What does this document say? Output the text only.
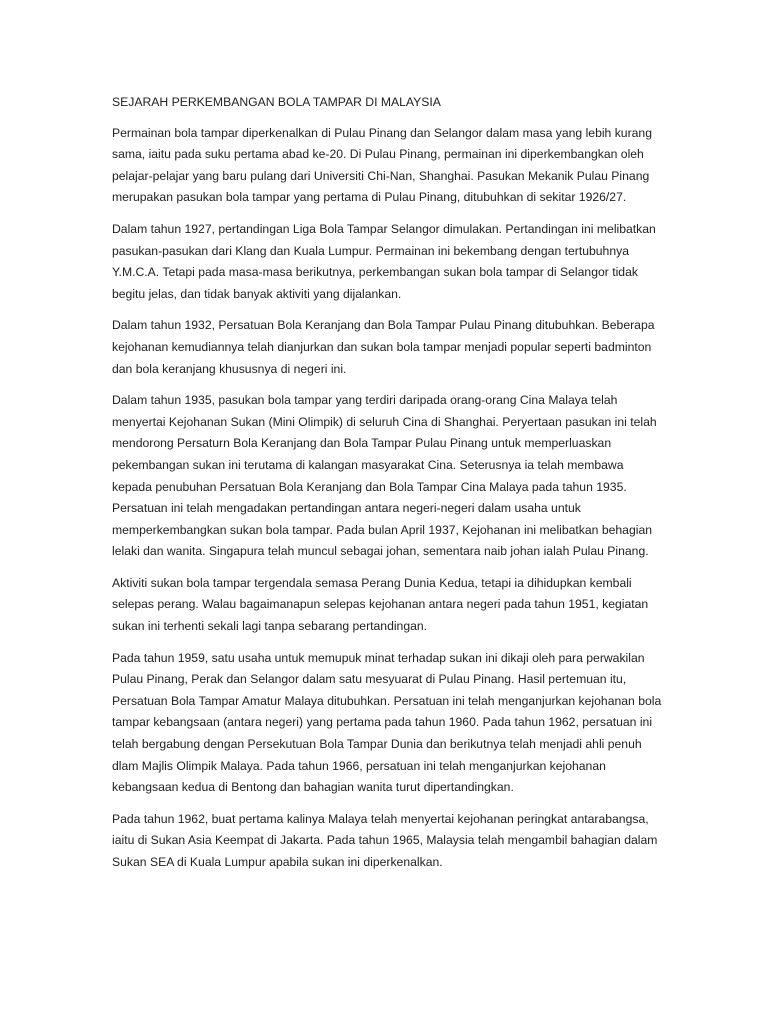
SEJARAH PERKEMBANGAN BOLA TAMPAR DI MALAYSIA

Permainan bola tampar diperkenalkan di Pulau Pinang dan Selangor dalam masa yang lebih kurang sama, iaitu pada suku pertama abad ke-20. Di Pulau Pinang, permainan ini diperkembangkan oleh pelajar-pelajar yang baru pulang dari Universiti Chi-Nan, Shanghai. Pasukan Mekanik Pulau Pinang merupakan pasukan bola tampar yang pertama di Pulau Pinang, ditubuhkan di sekitar 1926/27.

Dalam tahun 1927, pertandingan Liga Bola Tampar Selangor dimulakan. Pertandingan ini melibatkan pasukan-pasukan dari Klang dan Kuala Lumpur. Permainan ini bekembang dengan tertubuhnya Y.M.C.A. Tetapi pada masa-masa berikutnya, perkembangan sukan bola tampar di Selangor tidak begitu jelas, dan tidak banyak aktiviti yang dijalankan.

Dalam tahun 1932, Persatuan Bola Keranjang dan Bola Tampar Pulau Pinang ditubuhkan. Beberapa kejohanan kemudiannya telah dianjurkan dan sukan bola tampar menjadi popular seperti badminton dan bola keranjang khususnya di negeri ini.

Dalam tahun 1935, pasukan bola tampar yang terdiri daripada orang-orang Cina Malaya telah menyertai Kejohanan Sukan (Mini Olimpik) di seluruh Cina di Shanghai. Peryertaan pasukan ini telah mendorong Persaturn Bola Keranjang dan Bola Tampar Pulau Pinang untuk memperluaskan pekembangan sukan ini terutama di kalangan masyarakat Cina. Seterusnya ia telah membawa kepada penubuhan Persatuan Bola Keranjang dan Bola Tampar Cina Malaya pada tahun 1935. Persatuan ini telah mengadakan pertandingan antara negeri-negeri dalam usaha untuk memperkembangkan sukan bola tampar. Pada bulan April 1937, Kejohanan ini melibatkan behagian lelaki dan wanita. Singapura telah muncul sebagai johan, sementara naib johan ialah Pulau Pinang.

Aktiviti sukan bola tampar tergendala semasa Perang Dunia Kedua, tetapi ia dihidupkan kembali selepas perang. Walau bagaimanapun selepas kejohanan antara negeri pada tahun 1951, kegiatan sukan ini terhenti sekali lagi tanpa sebarang pertandingan.

Pada tahun 1959, satu usaha untuk memupuk minat terhadap sukan ini dikaji oleh para perwakilan Pulau Pinang, Perak dan Selangor dalam satu mesyuarat di Pulau Pinang. Hasil pertemuan itu, Persatuan Bola Tampar Amatur Malaya ditubuhkan. Persatuan ini telah menganjurkan kejohanan bola tampar kebangsaan (antara negeri) yang pertama pada tahun 1960. Pada tahun 1962, persatuan ini telah bergabung dengan Persekutuan Bola Tampar Dunia dan berikutnya telah menjadi ahli penuh dlam Majlis Olimpik Malaya. Pada tahun 1966, persatuan ini telah menganjurkan kejohanan kebangsaan kedua di Bentong dan bahagian wanita turut dipertandingkan.

Pada tahun 1962, buat pertama kalinya Malaya telah menyertai kejohanan peringkat antarabangsa, iaitu di Sukan Asia Keempat di Jakarta. Pada tahun 1965, Malaysia telah mengambil bahagian dalam Sukan SEA di Kuala Lumpur apabila sukan ini diperkenalkan.
